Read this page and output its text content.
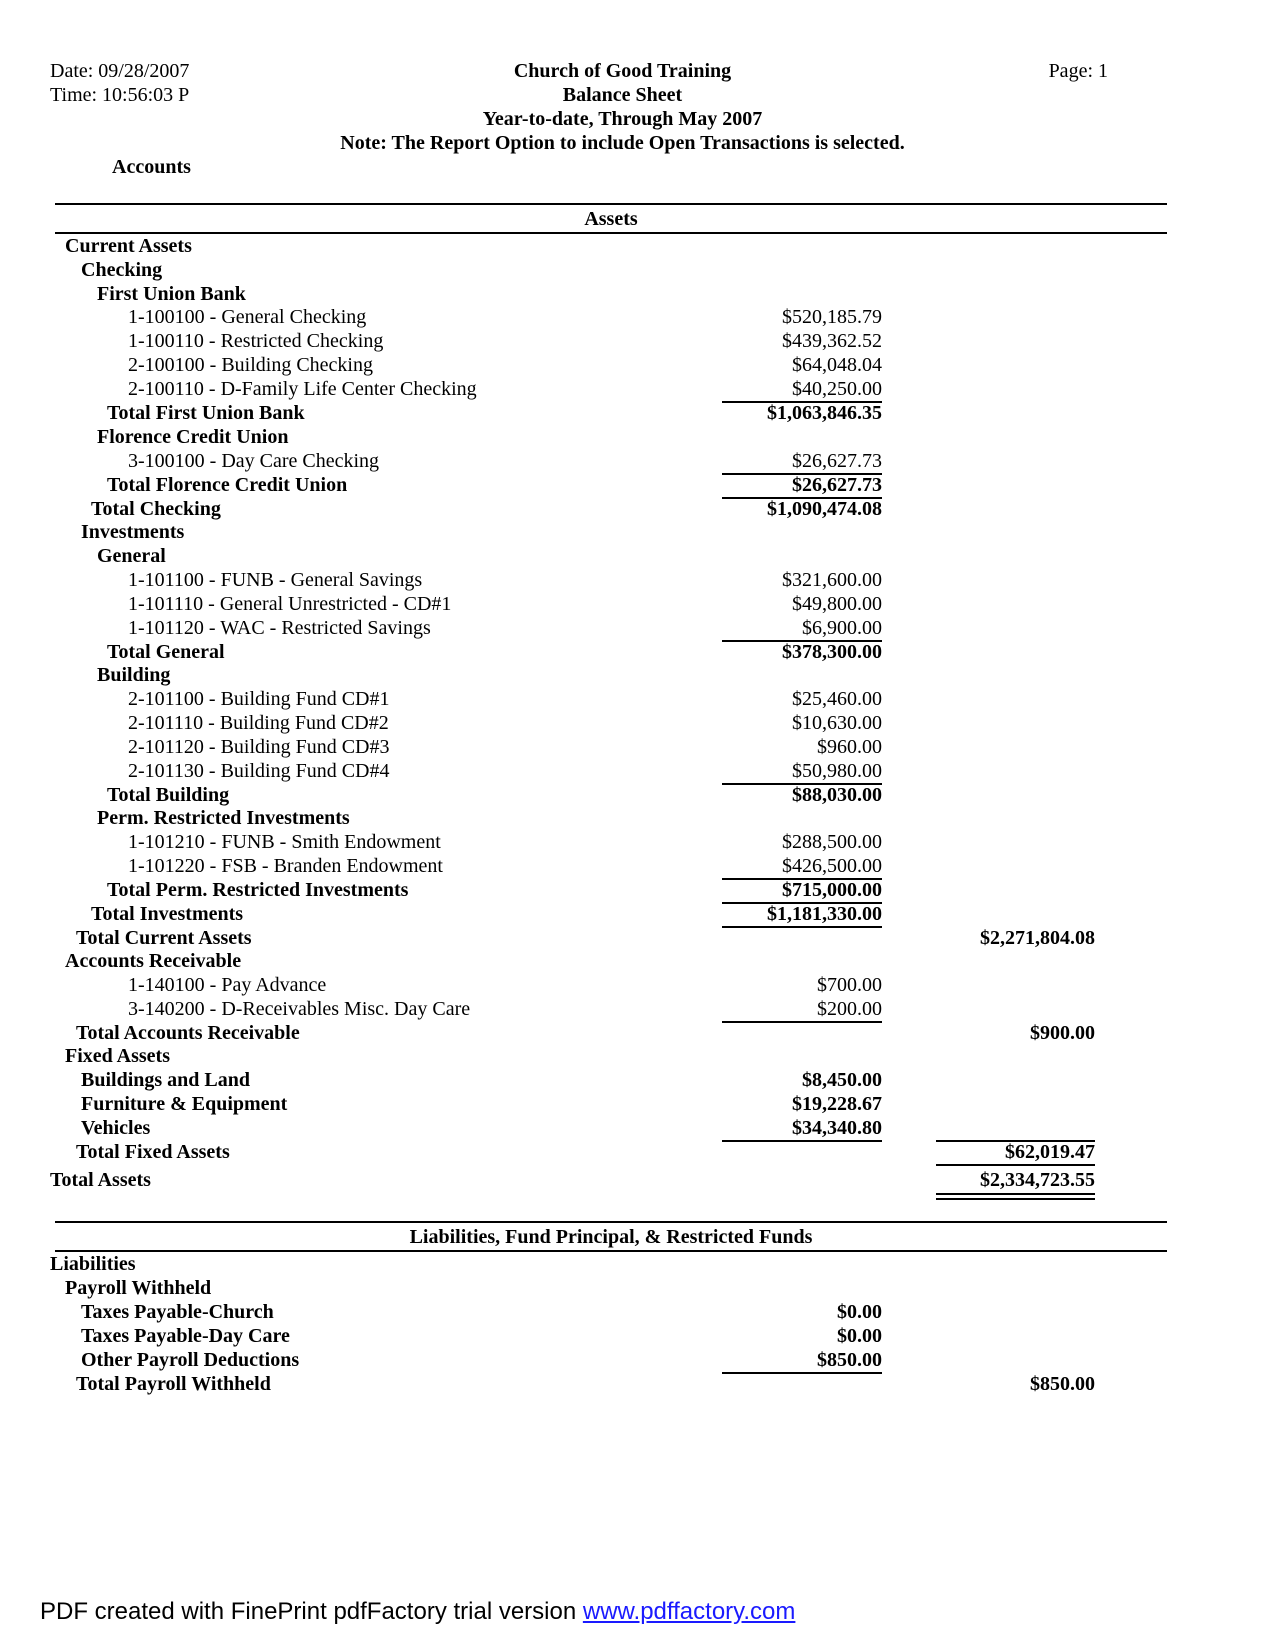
Date: 09/28/2007
Time: 10:56:03 P
Church of Good Training
Balance Sheet
Year-to-date, Through May 2007
Note: The Report Option to include Open Transactions is selected.
Page: 1
Accounts
Assets
Current Assets
Checking
First Union Bank
1-100100 - General Checking	$520,185.79
1-100110 - Restricted Checking	$439,362.52
2-100100 - Building Checking	$64,048.04
2-100110 - D-Family Life Center Checking	$40,250.00
Total First Union Bank	$1,063,846.35
Florence Credit Union
3-100100 - Day Care Checking	$26,627.73
Total Florence Credit Union	$26,627.73
Total Checking	$1,090,474.08
Investments
General
1-101100 - FUNB - General Savings	$321,600.00
1-101110 - General Unrestricted - CD#1	$49,800.00
1-101120 - WAC - Restricted Savings	$6,900.00
Total General	$378,300.00
Building
2-101100 - Building Fund CD#1	$25,460.00
2-101110 - Building Fund CD#2	$10,630.00
2-101120 - Building Fund CD#3	$960.00
2-101130 - Building Fund CD#4	$50,980.00
Total Building	$88,030.00
Perm. Restricted Investments
1-101210 - FUNB - Smith Endowment	$288,500.00
1-101220 - FSB - Branden Endowment	$426,500.00
Total Perm. Restricted Investments	$715,000.00
Total Investments	$1,181,330.00
Total Current Assets	$2,271,804.08
Accounts Receivable
1-140100 - Pay Advance	$700.00
3-140200 - D-Receivables Misc. Day Care	$200.00
Total Accounts Receivable	$900.00
Fixed Assets
Buildings and Land	$8,450.00
Furniture & Equipment	$19,228.67
Vehicles	$34,340.80
Total Fixed Assets	$62,019.47
Total Assets	$2,334,723.55
Liabilities, Fund Principal, & Restricted Funds
Liabilities
Payroll Withheld
Taxes Payable-Church	$0.00
Taxes Payable-Day Care	$0.00
Other Payroll Deductions	$850.00
Total Payroll Withheld	$850.00
PDF created with FinePrint pdfFactory trial version www.pdffactory.com
